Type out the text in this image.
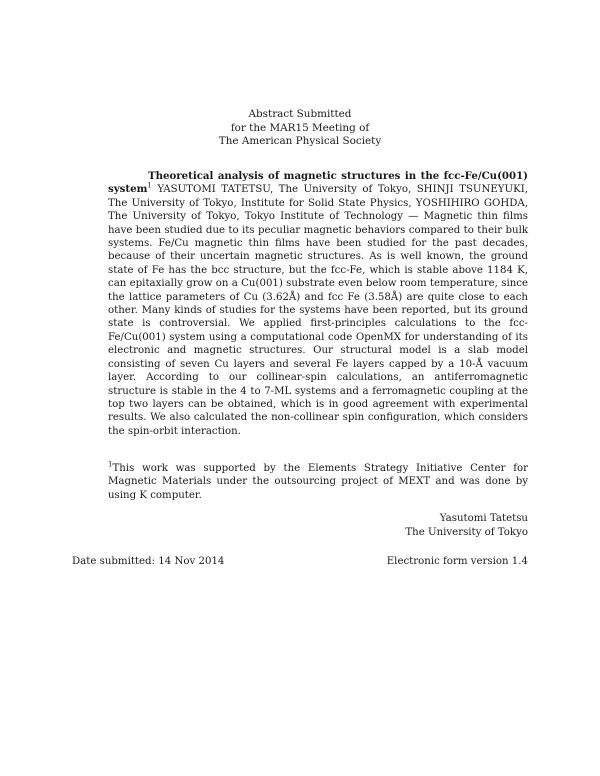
Abstract Submitted
for the MAR15 Meeting of
The American Physical Society

Theoretical analysis of magnetic structures in the fcc-Fe/Cu(001) system$^1$ YASUTOMI TATETSU, The University of Tokyo, SHINJI TSUNEYUKI, The University of Tokyo, Institute for Solid State Physics, YOSHIHIRO GOHDA, The University of Tokyo, Tokyo Institute of Technology — Magnetic thin films have been studied due to its peculiar magnetic behaviors compared to their bulk systems. Fe/Cu magnetic thin films have been studied for the past decades, because of their uncertain magnetic structures. As is well known, the ground state of Fe has the bcc structure, but the fcc-Fe, which is stable above 1184 K, can epitaxially grow on a Cu(001) substrate even below room temperature, since the lattice parameters of Cu (3.62Å) and fcc Fe (3.58Å) are quite close to each other. Many kinds of studies for the systems have been reported, but its ground state is controversial. We applied first-principles calculations to the fcc-Fe/Cu(001) system using a computational code OpenMX for understanding of its electronic and magnetic structures. Our structural model is a slab model consisting of seven Cu layers and several Fe layers capped by a 10-Å vacuum layer. According to our collinear-spin calculations, an antiferromagnetic structure is stable in the 4 to 7-ML systems and a ferromagnetic coupling at the top two layers can be obtained, which is in good agreement with experimental results. We also calculated the non-collinear spin configuration, which considers the spin-orbit interaction.

$^1$This work was supported by the Elements Strategy Initiative Center for Magnetic Materials under the outsourcing project of MEXT and was done by using K computer.

Yasutomi Tatetsu
The University of Tokyo
Date submitted: 14 Nov 2014	Electronic form version 1.4
